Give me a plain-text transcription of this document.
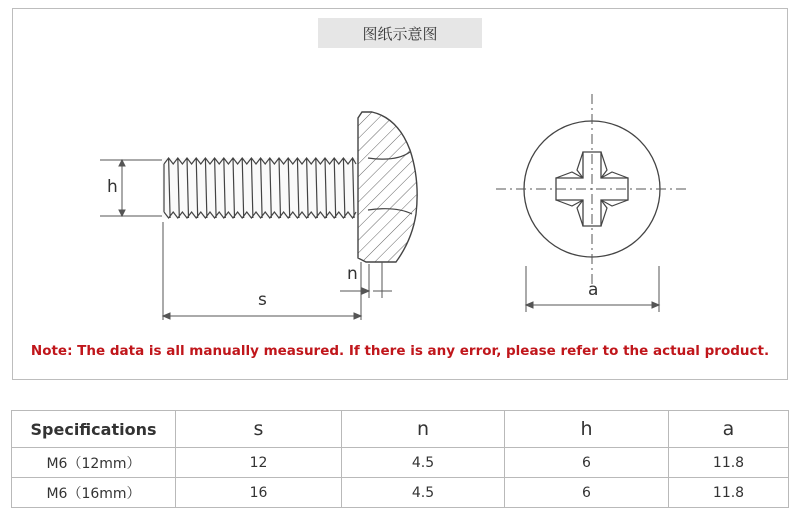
图纸示意图
h
n
s	a
Note: The data is all manually measured. If there is any error, please refer to the actual product.
Specifications	s	n	h	a
M6（12mm）	12	4.5	6	11.8
M6（16mm）	16	4.5	6	11.8
